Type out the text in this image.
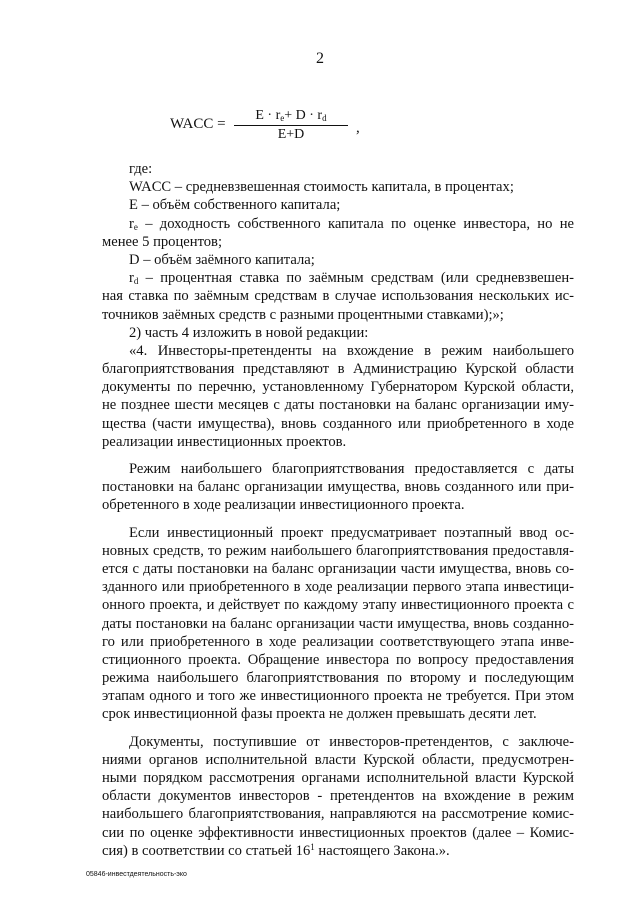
2
WACC = $\frac{E \cdot r_e+ D \cdot r_d}{E+D}$ ,
где:
WACC – средневзвешенная стоимость капитала, в процентах;
E – объём собственного капитала;
$r_e$ – доходность собственного капитала по оценке инвестора, но не
менее 5 процентов;
D – объём заёмного капитала;
$r_d$ – процентная ставка по заёмным средствам (или средневзвешен-
ная ставка по заёмным средствам в случае использования нескольких ис-
точников заёмных средств с разными процентными ставками);»;
2) часть 4 изложить в новой редакции:
«4. Инвесторы-претенденты на вхождение в режим наибольшего
благоприятствования представляют в Администрацию Курской области
документы по перечню, установленному Губернатором Курской области,
не позднее шести месяцев с даты постановки на баланс организации иму-
щества (части имущества), вновь созданного или приобретенного в ходе
реализации инвестиционных проектов.
Режим наибольшего благоприятствования предоставляется с даты
постановки на баланс организации имущества, вновь созданного или при-
обретенного в ходе реализации инвестиционного проекта.
Если инвестиционный проект предусматривает поэтапный ввод ос-
новных средств, то режим наибольшего благоприятствования предоставля-
ется с даты постановки на баланс организации части имущества, вновь со-
зданного или приобретенного в ходе реализации первого этапа инвестици-
онного проекта, и действует по каждому этапу инвестиционного проекта с
даты постановки на баланс организации части имущества, вновь созданно-
го или приобретенного в ходе реализации соответствующего этапа инве-
стиционного проекта. Обращение инвестора по вопросу предоставления
режима наибольшего благоприятствования по второму и последующим
этапам одного и того же инвестиционного проекта не требуется. При этом
срок инвестиционной фазы проекта не должен превышать десяти лет.
Документы, поступившие от инвесторов-претендентов, с заключе-
ниями органов исполнительной власти Курской области, предусмотрен-
ными порядком рассмотрения органами исполнительной власти Курской
области документов инвесторов - претендентов на вхождение в режим
наибольшего благоприятствования, направляются на рассмотрение комис-
сии по оценке эффективности инвестиционных проектов (далее – Комис-
сия) в соответствии со статьей $16^1$ настоящего Закона.».
05846-инвестдеятельность-эко
